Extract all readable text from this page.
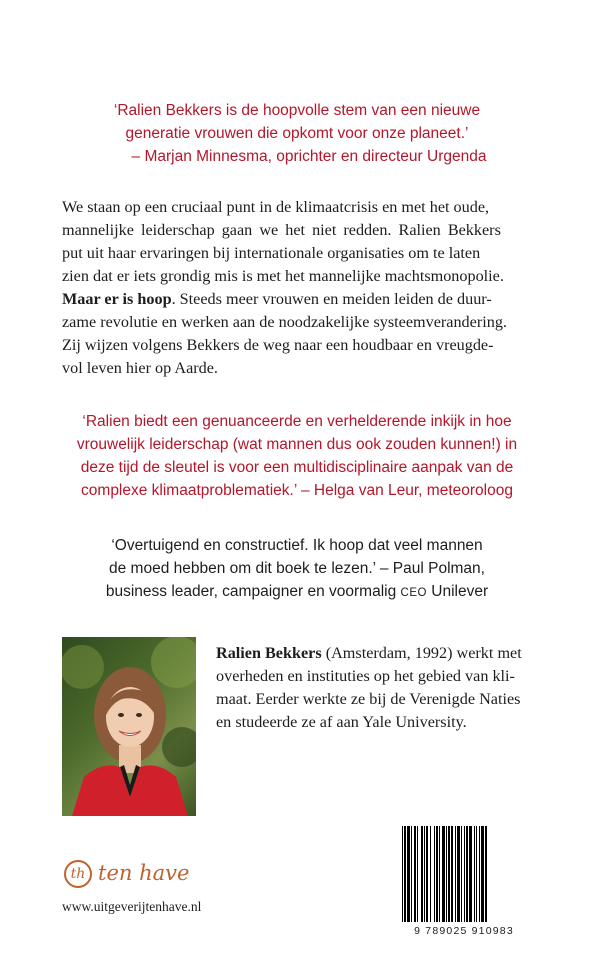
‘Ralien Bekkers is de hoopvolle stem van een nieuwe

generatie vrouwen die opkomt voor onze planeet.’

– Marjan Minnesma, oprichter en directeur Urgenda

We staan op een cruciaal punt in de klimaatcrisis en met het oude,

mannelijke leiderschap gaan we het niet redden. Ralien Bekkers

put uit haar ervaringen bij internationale organisaties om te laten

zien dat er iets grondig mis is met het mannelijke machtsmonopolie.

Maar er is hoop. Steeds meer vrouwen en meiden leiden de duur-

zame revolutie en werken aan de noodzakelijke systeemverandering.

Zij wijzen volgens Bekkers de weg naar een houdbaar en vreugde-

vol leven hier op Aarde.

‘Ralien biedt een genuanceerde en verhelderende inkijk in hoe

vrouwelijk leiderschap (wat mannen dus ook zouden kunnen!) in

deze tijd de sleutel is voor een multidisciplinaire aanpak van de

complexe klimaatproblematiek.’ – Helga van Leur, meteoroloog

‘Overtuigend en constructief. Ik hoop dat veel mannen

de moed hebben om dit boek te lezen.’ – Paul Polman,

business leader, campaigner en voormalig CEO Unilever

Ralien Bekkers (Amsterdam, 1992) werkt met

overheden en instituties op het gebied van kli-

maat. Eerder werkte ze bij de Verenigde Naties

en studeerde ze af aan Yale University.

th ten have
www.uitgeverijtenhave.nl
9 789025 910983
